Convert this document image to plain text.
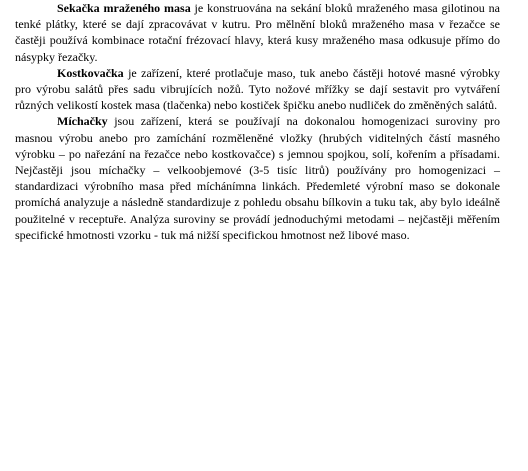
Sekačka mraženého masa je konstruována na sekání bloků mraženého masa gilotinou na tenké plátky, které se dají zpracovávat v kutru. Pro mělnění bloků mraženého masa v řezačce se častěji používá kombinace rotační frézovací hlavy, která kusy mraženého masa odkusuje přímo do násypky řezačky.

Kostkovačka je zařízení, které protlačuje maso, tuk anebo částěji hotové masné výrobky pro výrobu salátů přes sadu vibrujících nožů. Tyto nožové mřížky se dají sestavit pro vytváření různých velikostí kostek masa (tlačenka) nebo kostiček špičku anebo nudliček do změněných salátů.

Míchačky jsou zařízení, která se používají na dokonalou homogenizaci suroviny pro masnou výrobu anebo pro zamíchání rozměleněné vložky (hrubých viditelných částí masného výrobku – po nařezání na řezačce nebo kostkovačce) s jemnou spojkou, solí, kořením a přísadami. Nejčastěji jsou míchačky – velkoobjemové (3-5 tisíc litrů) používány pro homogenizaci – standardizaci výrobního masa před míchánímna linkách. Předemleté výrobní maso se dokonale promíchá analyzuje a následně standardizuje z pohledu obsahu bílkovin a tuku tak, aby bylo ideálně použitelné v receptuře. Analýza suroviny se provádí jednoduchými metodami – nejčastěji měřením specifické hmotnosti vzorku - tuk má nižší specifickou hmotnost než libové maso.
